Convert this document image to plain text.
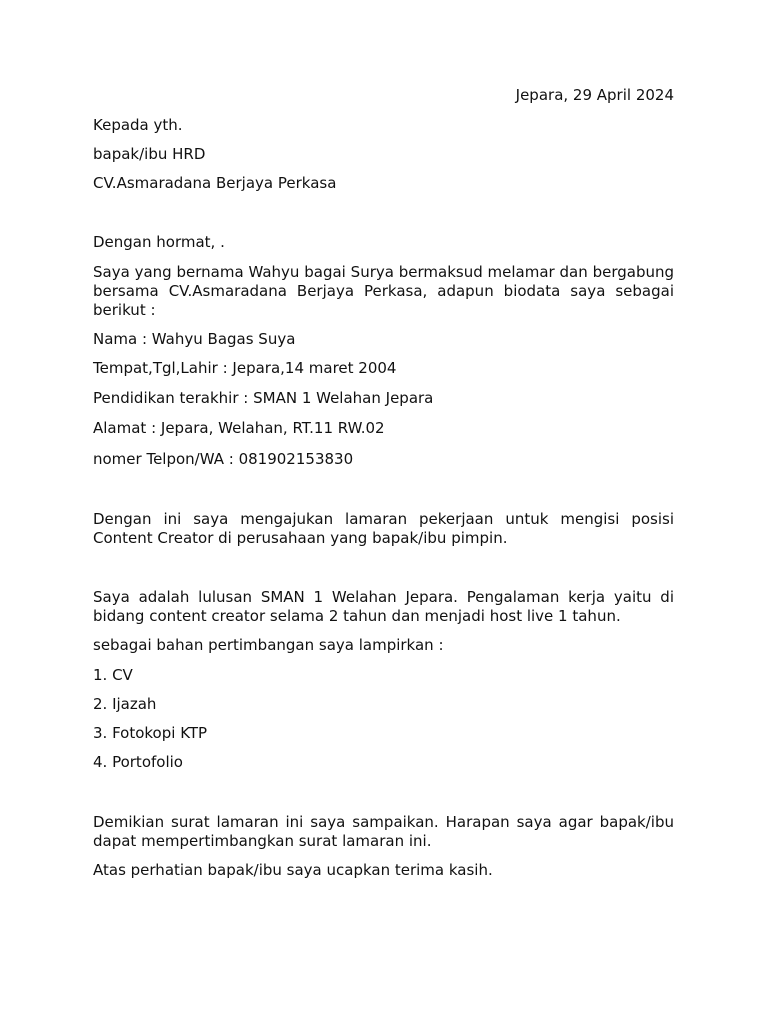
Jepara, 29 April 2024

Kepada yth.

bapak/ibu HRD

CV.Asmaradana Berjaya Perkasa

Dengan hormat, .

Saya yang bernama Wahyu bagai Surya bermaksud melamar dan bergabung bersama CV.Asmaradana Berjaya Perkasa, adapun biodata saya sebagai berikut :

Nama : Wahyu Bagas Suya

Tempat,Tgl,Lahir : Jepara,14 maret 2004

Pendidikan terakhir : SMAN 1 Welahan Jepara

Alamat : Jepara, Welahan, RT.11 RW.02

nomer Telpon/WA : 081902153830

Dengan ini saya mengajukan lamaran pekerjaan untuk mengisi posisi Content Creator di perusahaan yang bapak/ibu pimpin.

Saya adalah lulusan SMAN 1 Welahan Jepara. Pengalaman kerja yaitu di bidang content creator selama 2 tahun dan menjadi host live 1 tahun.

sebagai bahan pertimbangan saya lampirkan :

1. CV

2. Ijazah

3. Fotokopi KTP

4. Portofolio

Demikian surat lamaran ini saya sampaikan. Harapan saya agar bapak/ibu dapat mempertimbangkan surat lamaran ini.

Atas perhatian bapak/ibu saya ucapkan terima kasih.
